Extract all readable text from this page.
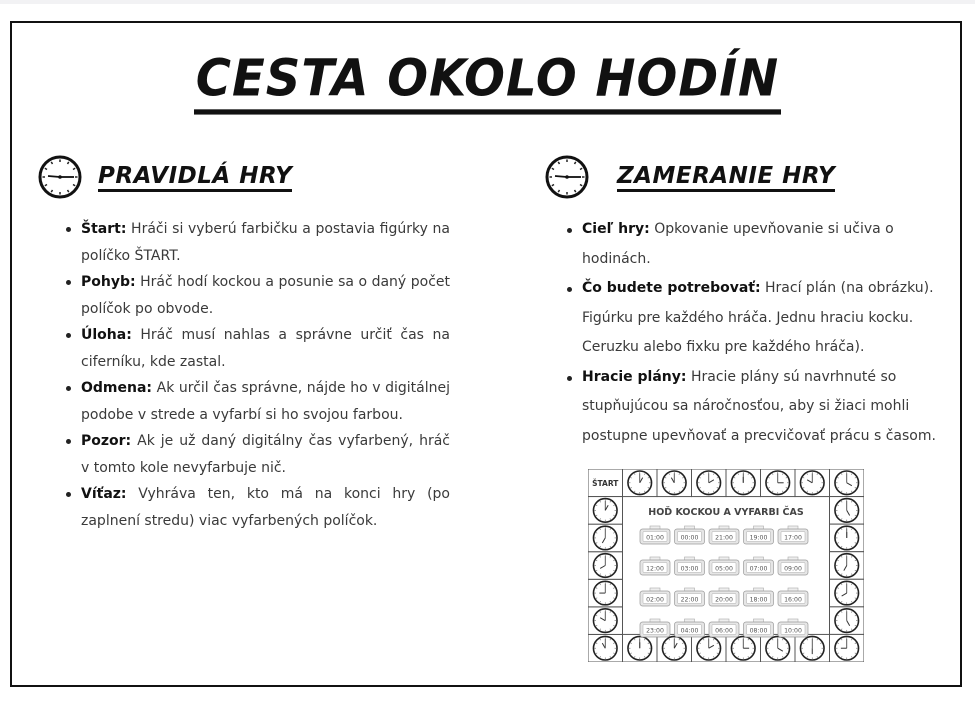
CESTA OKOLO HODÍN
PRAVIDLÁ HRY	ZAMERANIE HRY
Štart: Hráči si vyberú farbičku a postavia figúrky na políčko ŠTART.
Pohyb: Hráč hodí kockou a posunie sa o daný počet políčok po obvode.
Úloha: Hráč musí nahlas a správne určiť čas na ciferníku, kde zastal.
Odmena: Ak určil čas správne, nájde ho v digitálnej podobe v strede a vyfarbí si ho svojou farbou.
Pozor: Ak je už daný digitálny čas vyfarbený, hráč v tomto kole nevyfarbuje nič.
Víťaz: Vyhráva ten, kto má na konci hry (po zaplnení stredu) viac vyfarbených políčok.
Cieľ hry: Opkovanie upevňovanie si učiva o hodinách.
Čo budete potrebovať: Hrací plán (na obrázku). Figúrku pre každého hráča. Jednu hraciu kocku. Ceruzku alebo fixku pre každého hráča).
Hracie plány: Hracie plány sú navrhnuté so stupňujúcou sa náročnosťou, aby si žiaci mohli postupne upevňovať a precvičovať prácu s časom.
ŠTART
HOĎ KOCKOU A VYFARBI ČAS
01:00	00:00	21:00	19:00	17:00
12:00	03:00	05:00	07:00	09:00
02:00	22:00	20:00	18:00	16:00
23:00	04:00	06:00	08:00	10:00
